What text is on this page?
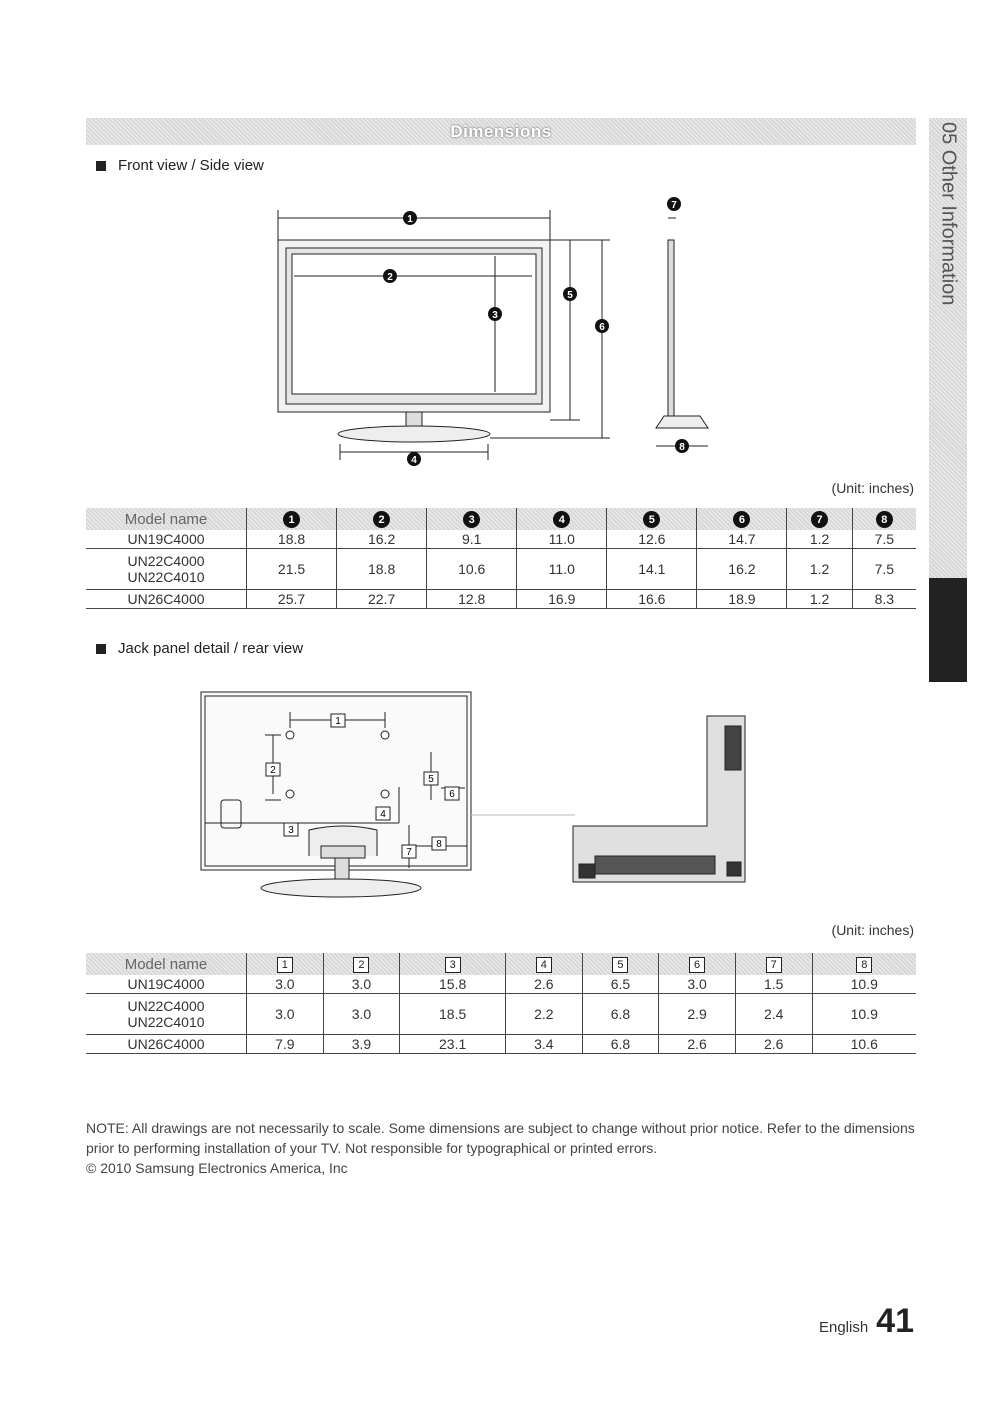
Dimensions	05 Other Information
Front view / Side view
1
2
3
4
5
6
7
8
(Unit: inches)
Model name	1	2	3	4	5	6	7	8
UN19C4000	18.8	16.2	9.1	11.0	12.6	14.7	1.2	7.5

UN22C4000
UN22C4010	21.5	18.8	10.6	11.0	14.1	16.2	1.2	7.5
UN26C4000	25.7	22.7	12.8	16.9	16.6	18.9	1.2	8.3
Jack panel detail / rear view
1
2
3
4
5
6
7
8
(Unit: inches)
Model name	1	2	3	4	5	6	7	8
UN19C4000	3.0	3.0	15.8	2.6	6.5	3.0	1.5	10.9

UN22C4000
UN22C4010	3.0	3.0	18.5	2.2	6.8	2.9	2.4	10.9
UN26C4000	7.9	3.9	23.1	3.4	6.8	2.6	2.6	10.6

NOTE: All drawings are not necessarily to scale. Some dimensions are subject to change without prior notice. Refer to the dimensions prior to performing installation of your TV. Not responsible for typographical or printed errors.

© 2010 Samsung Electronics America, Inc

English 41
